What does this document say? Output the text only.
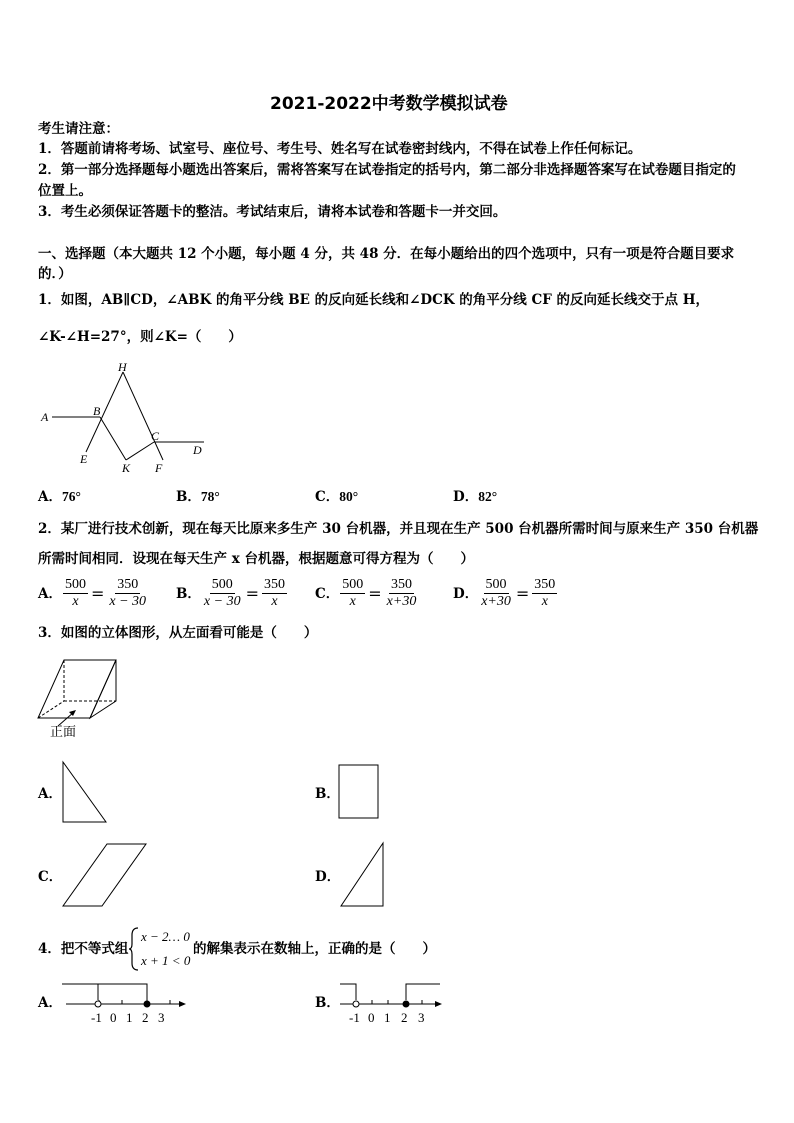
2021-2022中考数学模拟试卷
考生请注意：
1．答题前请将考场、试室号、座位号、考生号、姓名写在试卷密封线内，不得在试卷上作任何标记。
2．第一部分选择题每小题选出答案后，需将答案写在试卷指定的括号内，第二部分非选择题答案写在试卷题目指定的
位置上。
3．考生必须保证答题卡的整洁。考试结束后，请将本试卷和答题卡一并交回。
一、选择题（本大题共 12 个小题，每小题 4 分，共 48 分．在每小题给出的四个选项中，只有一项是符合题目要求
的．）
1．如图，AB∥CD，∠ABK 的角平分线 BE 的反向延长线和∠DCK 的角平分线 CF 的反向延长线交于点 H，
∠K-∠H=27°，则∠K=（　　）
H
A	B
C
D
E
K F
A．76°	B．78°	C．80°	D．82°
2．某厂进行技术创新，现在每天比原来多生产 30 台机器，并且现在生产 500 台机器所需时间与原来生产 350 台机器
所需时间相同．设现在每天生产 x 台机器，根据题意可得方程为（　　）
A． $\frac{500}{x} = \frac{350}{x - 30}$ B． $\frac{500}{x - 30} = \frac{350}{x}$ C． $\frac{500}{x} = \frac{350}{x+30}$	D． $\frac{500}{x+30} = \frac{350}{x}$
3．如图的立体图形，从左面看可能是（　　）
正面
A．	B．
C．	D．
4．把不等式组
x − 2… 0
x + 1 < 0
的解集表示在数轴上，正确的是（　　）
A．
-1 0 1 2 3
B．
-1 0 1 2 3
